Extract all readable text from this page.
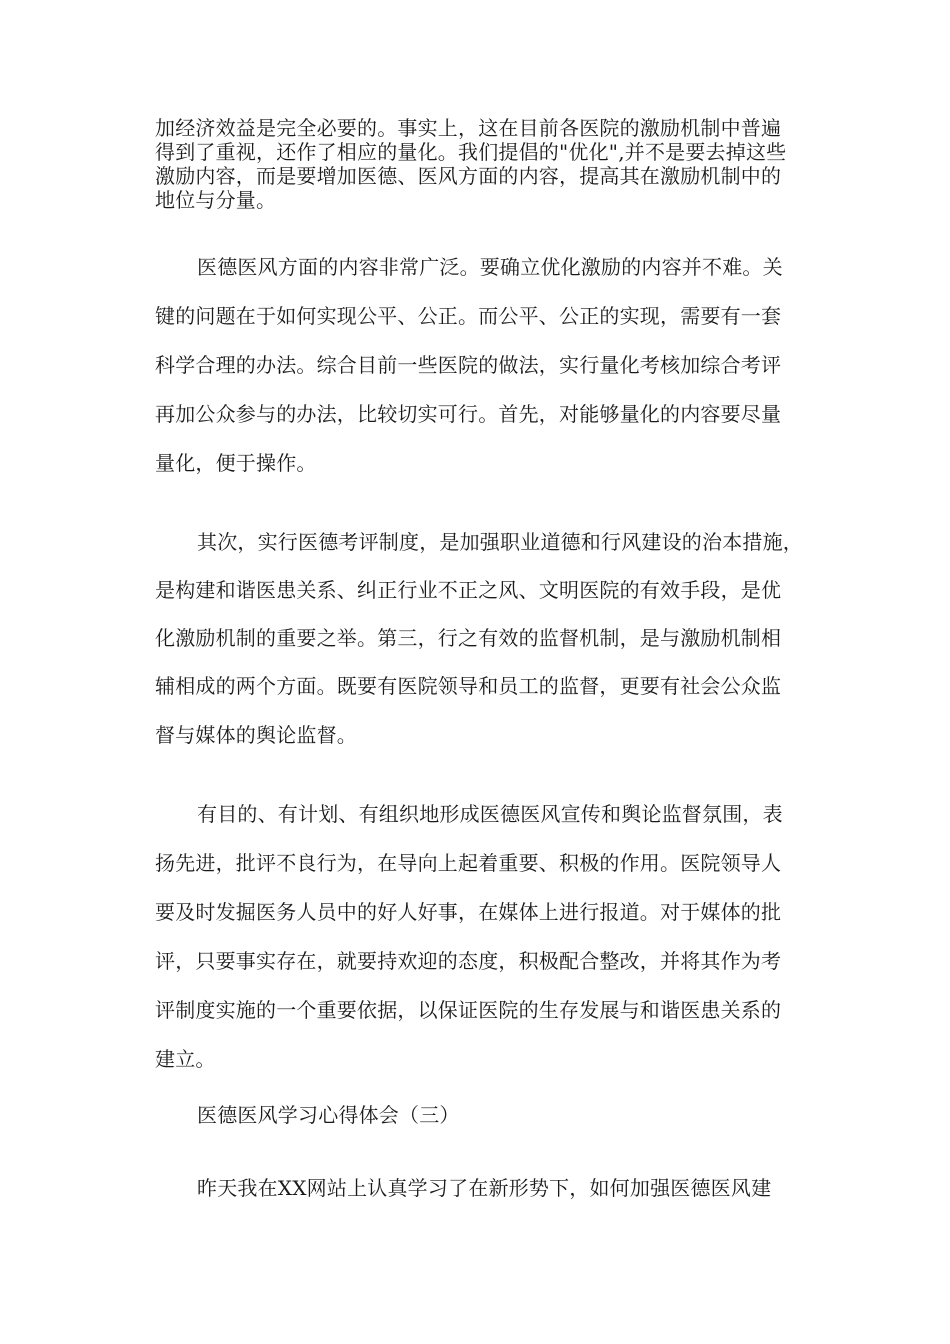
加经济效益是完全必要的。事实上，这在目前各医院的激励机制中普遍
得到了重视，还作了相应的量化。我们提倡的"优化",并不是要去掉这些
激励内容，而是要增加医德、医风方面的内容，提高其在激励机制中的
地位与分量。
医德医风方面的内容非常广泛。要确立优化激励的内容并不难。关
键的问题在于如何实现公平、公正。而公平、公正的实现，需要有一套
科学合理的办法。综合目前一些医院的做法，实行量化考核加综合考评
再加公众参与的办法，比较切实可行。首先，对能够量化的内容要尽量
量化，便于操作。
其次，实行医德考评制度，是加强职业道德和行风建设的治本措施，
是构建和谐医患关系、纠正行业不正之风、文明医院的有效手段，是优
化激励机制的重要之举。第三，行之有效的监督机制，是与激励机制相
辅相成的两个方面。既要有医院领导和员工的监督，更要有社会公众监
督与媒体的舆论监督。
有目的、有计划、有组织地形成医德医风宣传和舆论监督氛围，表
扬先进，批评不良行为，在导向上起着重要、积极的作用。医院领导人
要及时发掘医务人员中的好人好事，在媒体上进行报道。对于媒体的批
评，只要事实存在，就要持欢迎的态度，积极配合整改，并将其作为考
评制度实施的一个重要依据，以保证医院的生存发展与和谐医患关系的
建立。
医德医风学习心得体会（三）
昨天我在XX网站上认真学习了在新形势下，如何加强医德医风建
